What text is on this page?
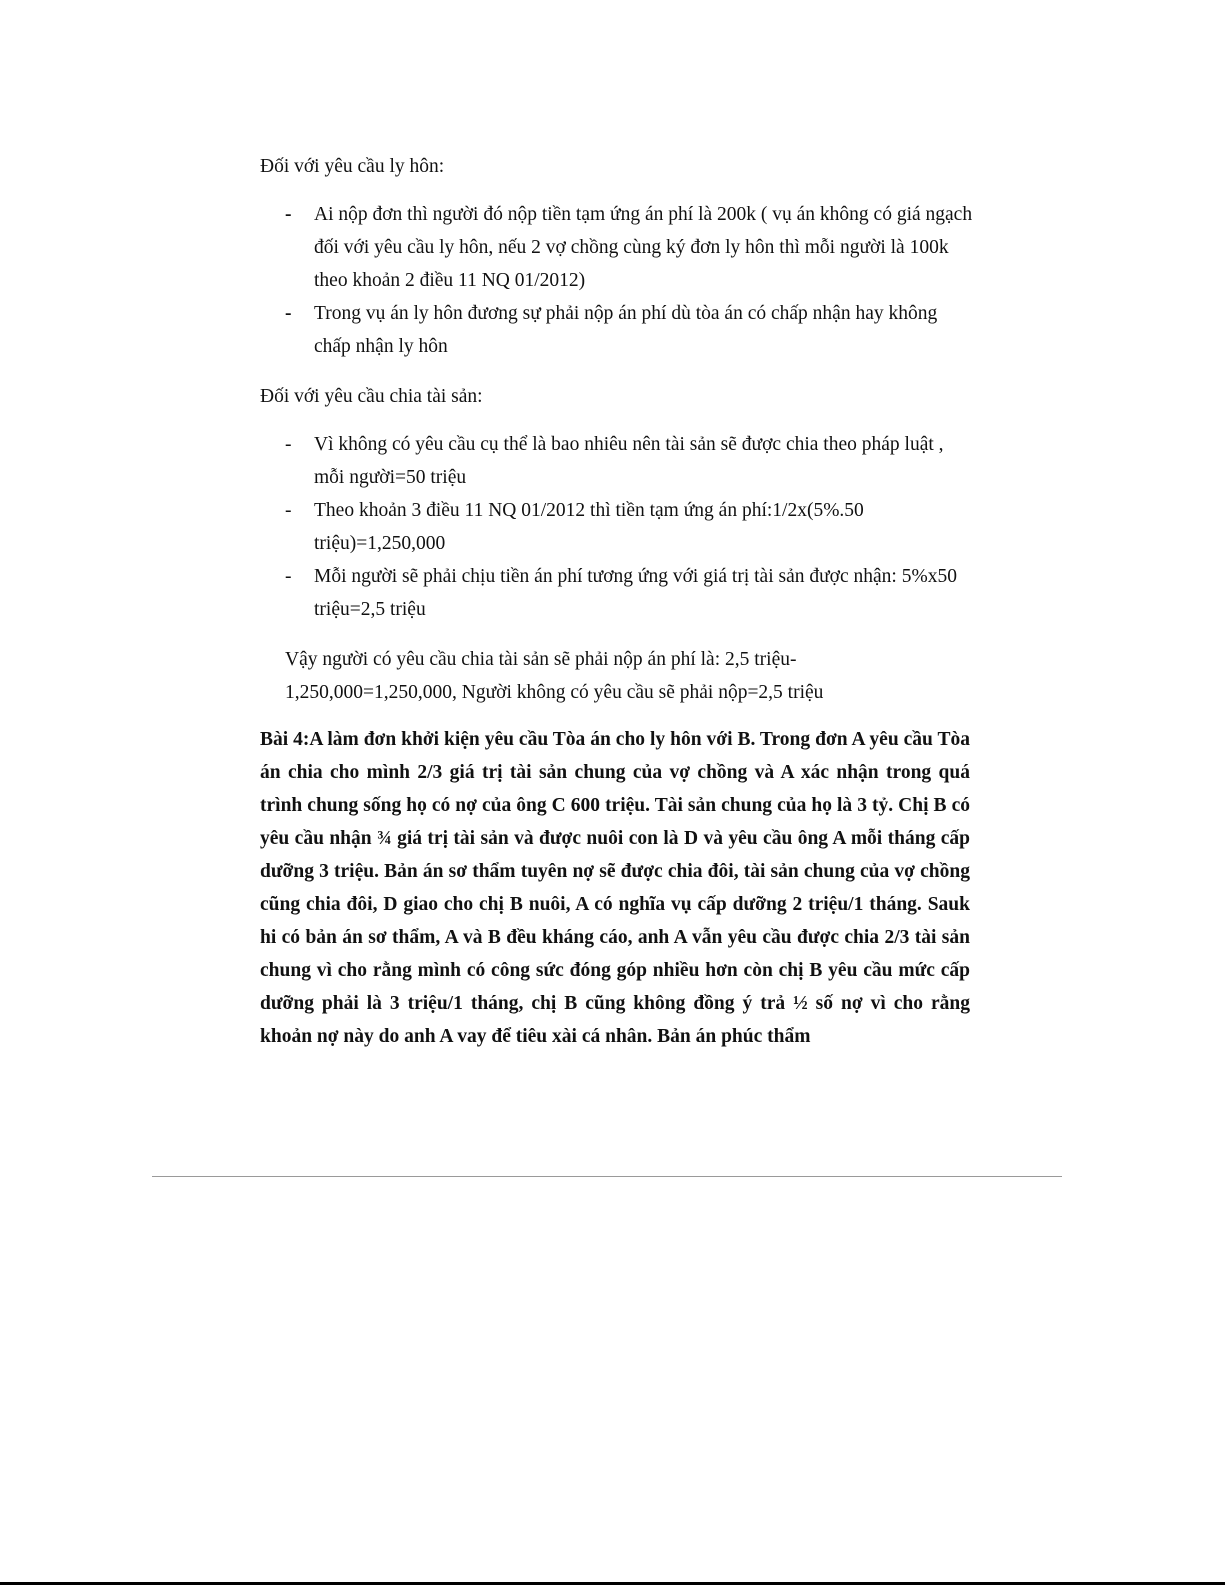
Đối với yêu cầu ly hôn:

-	Ai nộp đơn thì người đó nộp tiền tạm ứng án phí là 200k ( vụ án không có giá ngạch đối với yêu cầu ly hôn, nếu 2 vợ chồng cùng ký đơn ly hôn thì mỗi người là 100k theo khoản 2 điều 11 NQ 01/2012)
-	Trong vụ án ly hôn đương sự phải nộp án phí dù tòa án có chấp nhận hay không chấp nhận ly hôn

Đối với yêu cầu chia tài sản:

-	Vì không có yêu cầu cụ thể là bao nhiêu nên tài sản sẽ được chia theo pháp luật , mỗi người=50 triệu
-	Theo khoản 3 điều 11 NQ 01/2012 thì tiền tạm ứng án phí:1/2x(5%.50 triệu)=1,250,000
-	Mỗi người sẽ phải chịu tiền án phí tương ứng với giá trị tài sản được nhận: 5%x50 triệu=2,5 triệu

Vậy người có yêu cầu chia tài sản sẽ phải nộp án phí là: 2,5 triệu- 1,250,000=1,250,000, Người không có yêu cầu sẽ phải nộp=2,5 triệu

Bài 4:A làm đơn khởi kiện yêu cầu Tòa án cho ly hôn với B. Trong đơn A yêu cầu Tòa án chia cho mình 2/3 giá trị tài sản chung của vợ chồng và A xác nhận trong quá trình chung sống họ có nợ của ông C 600 triệu. Tài sản chung của họ là 3 tỷ. Chị B có yêu cầu nhận ¾ giá trị tài sản và được nuôi con là D và yêu cầu ông A mỗi tháng cấp dưỡng 3 triệu. Bản án sơ thẩm tuyên nợ sẽ được chia đôi, tài sản chung của vợ chồng cũng chia đôi, D giao cho chị B nuôi, A có nghĩa vụ cấp dưỡng 2 triệu/1 tháng. Sauk hi có bản án sơ thẩm, A và B đều kháng cáo, anh A vẫn yêu cầu được chia 2/3 tài sản chung vì cho rằng mình có công sức đóng góp nhiều hơn còn chị B yêu cầu mức cấp dưỡng phải là 3 triệu/1 tháng, chị B cũng không đồng ý trả ½ số nợ vì cho rằng khoản nợ này do anh A vay để tiêu xài cá nhân. Bản án phúc thẩm
